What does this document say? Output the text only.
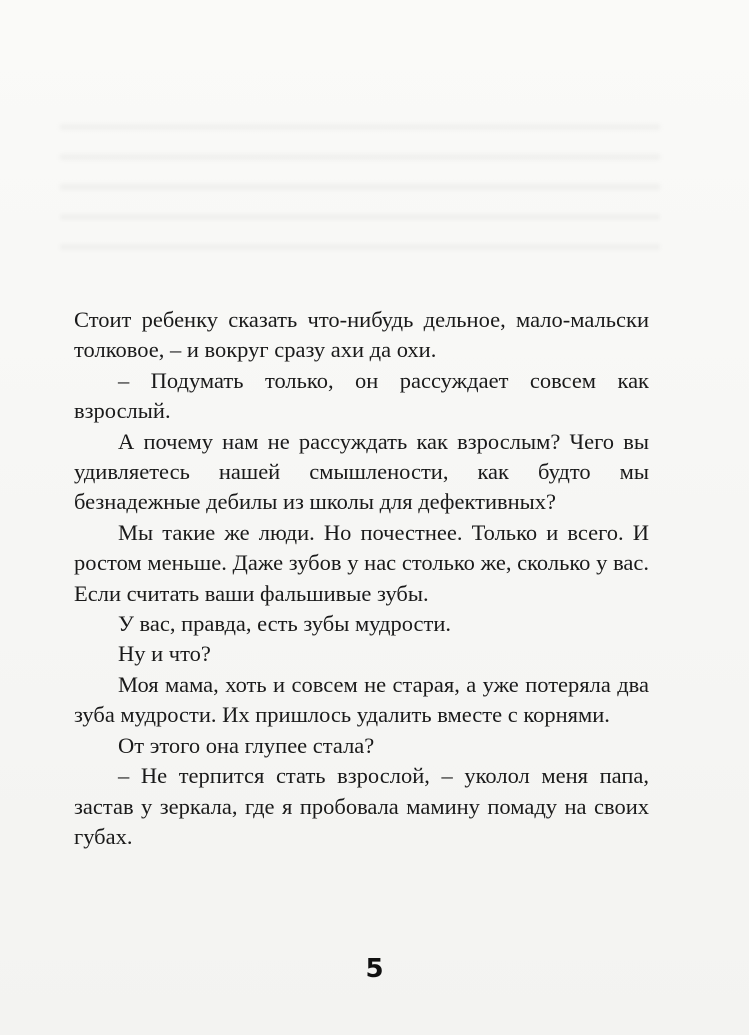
Стоит ребенку сказать что-нибудь дельное, мало-мальски толковое, – и вокруг сразу ахи да охи.

– Подумать только, он рассуждает совсем как взрослый.

А почему нам не рассуждать как взрослым? Чего вы удивляетесь нашей смышлености, как будто мы безнадежные дебилы из школы для дефективных?

Мы такие же люди. Но почестнее. Только и всего. И ростом меньше. Даже зубов у нас столько же, сколько у вас. Если считать ваши фальшивые зубы.

У вас, правда, есть зубы мудрости.

Ну и что?

Моя мама, хоть и совсем не старая, а уже потеряла два зуба мудрости. Их пришлось удалить вместе с корнями.

От этого она глупее стала?

– Не терпится стать взрослой, – уколол меня папа, застав у зеркала, где я пробовала мамину помаду на своих губах.

5
